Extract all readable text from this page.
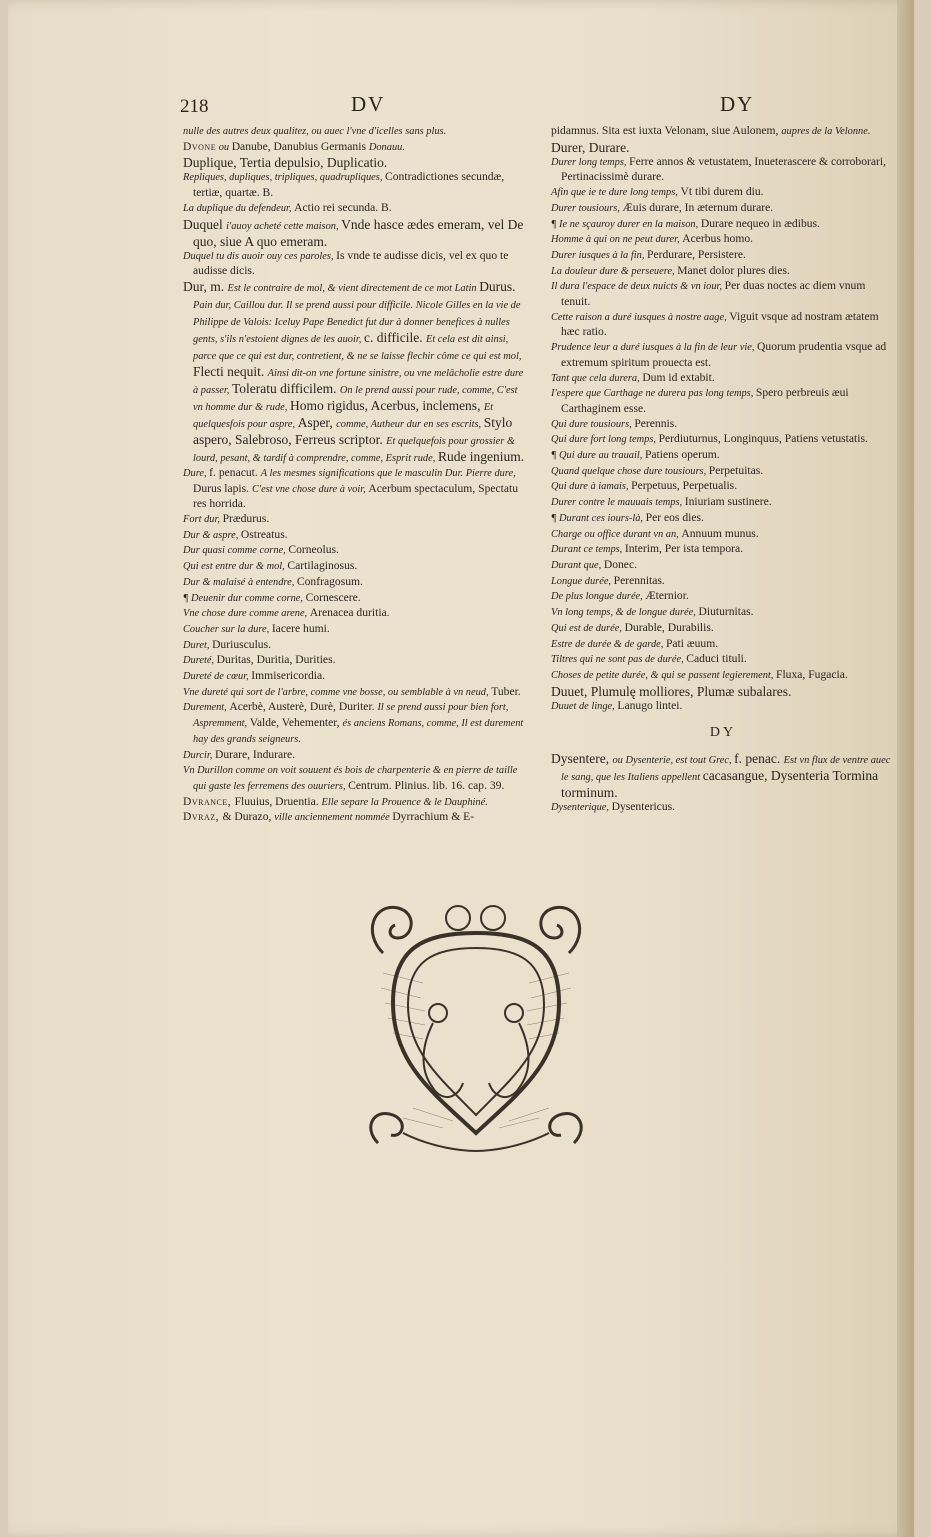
218	DV	DY

nulle des autres deux qualitez, ou auec l'vne d'icelles sans plus.

Dvone ou Danube, Danubius Germanis Donauu.

Duplique, Tertia depulsio, Duplicatio.

Repliques, dupliques, tripliques, quadrupliques, Contradictiones secundæ, tertiæ, quartæ. B.

La duplique du defendeur, Actio rei secunda. B.

Duquel i'auoy acheté cette maison, Vnde hasce ædes emeram, vel De quo, siue A quo emeram.

Duquel tu dis auoir ouy ces paroles, Is vnde te audisse dicis, vel ex quo te audisse dicis.

Dur, m. Est le contraire de mol, & vient directement de ce mot Latin Durus. Pain dur, Caillou dur. Il se prend aussi pour difficile. Nicole Gilles en la vie de Philippe de Valois: Iceluy Pape Benedict fut dur à donner benefices à nulles gents, s'ils n'estoient dignes de les auoir, c. difficile. Et cela est dit ainsi, parce que ce qui est dur, contretient, & ne se laisse flechir côme ce qui est mol, Flecti nequit. Ainsi dit-on vne fortune sinistre, ou vne melâcholie estre dure à passer, Toleratu difficilem. On le prend aussi pour rude, comme, C'est vn homme dur & rude, Homo rigidus, Acerbus, inclemens, Et quelquesfois pour aspre, Asper, comme, Autheur dur en ses escrits, Stylo aspero, Salebroso, Ferreus scriptor. Et quelquefois pour grossier & lourd, pesant, & tardif à comprendre, comme, Esprit rude, Rude ingenium.

Dure, f. penacut. A les mesmes significations que le masculin Dur. Pierre dure, Durus lapis. C'est vne chose dure à voir, Acerbum spectaculum, Spectatu res horrida.

Fort dur, Prædurus.

Dur & aspre, Ostreatus.

Dur quasi comme corne, Corneolus.

Qui est entre dur & mol, Cartilaginosus.

Dur & malaisé à entendre, Confragosum.

¶ Deuenir dur comme corne, Cornescere.

Vne chose dure comme arene, Arenacea duritia.

Coucher sur la dure, Iacere humi.

Duret, Duriusculus.

Dureté, Duritas, Duritia, Durities.

Dureté de cœur, Immisericordia.

Vne dureté qui sort de l'arbre, comme vne bosse, ou semblable à vn neud, Tuber.

Durement, Acerbè, Austerè, Durè, Duriter. Il se prend aussi pour bien fort, Aspremment, Valde, Vehementer, és anciens Romans, comme, Il est durement hay des grands seigneurs.

Durcir, Durare, Indurare.

Vn Durillon comme on voit souuent és bois de charpenterie & en pierre de taille qui gaste les ferremens des ouuriers, Centrum. Plinius. lib. 16. cap. 39.

Dvrance, Fluuius, Druentia. Elle separe la Prouence & le Dauphiné.

Dvraz, & Durazo, ville anciennement nommée Dyrrachium & E-

pidamnus. Sita est iuxta Velonam, siue Aulonem, aupres de la Velonne.

Durer, Durare.

Durer long temps, Ferre annos & vetustatem, Inueterascere & corroborari, Pertinacissimè durare.

Afin que ie te dure long temps, Vt tibi durem diu.

Durer tousiours, Æuis durare, In æternum durare.

¶ Ie ne sçauroy durer en la maison, Durare nequeo in ædibus.

Homme à qui on ne peut durer, Acerbus homo.

Durer iusques à la fin, Perdurare, Persistere.

La douleur dure & perseuere, Manet dolor plures dies.

Il dura l'espace de deux nuicts & vn iour, Per duas noctes ac diem vnum tenuit.

Cette raison a duré iusques à nostre aage, Viguit vsque ad nostram ætatem hæc ratio.

Prudence leur a duré iusques à la fin de leur vie, Quorum prudentia vsque ad extremum spiritum prouecta est.

Tant que cela durera, Dum id extabit.

I'espere que Carthage ne durera pas long temps, Spero perbreuis æui Carthaginem esse.

Qui dure tousiours, Perennis.

Qui dure fort long temps, Perdiuturnus, Longinquus, Patiens vetustatis.

¶ Qui dure au trauail, Patiens operum.

Quand quelque chose dure tousiours, Perpetuitas.

Qui dure à iamais, Perpetuus, Perpetualis.

Durer contre le mauuais temps, Iniuriam sustinere.

¶ Durant ces iours-là, Per eos dies.

Charge ou office durant vn an, Annuum munus.

Durant ce temps, Interim, Per ista tempora.

Durant que, Donec.

Longue durée, Perennitas.

De plus longue durée, Æternior.

Vn long temps, & de longue durée, Diuturnitas.

Qui est de durée, Durable, Durabilis.

Estre de durée & de garde, Pati æuum.

Tiltres qui ne sont pas de durée, Caduci tituli.

Choses de petite durée, & qui se passent legierement, Fluxa, Fugacia.

Duuet, Plumulę molliores, Plumæ subalares.

Duuet de linge, Lanugo lintei.

DY

Dysentere, ou Dysenterie, est tout Grec, f. penac. Est vn flux de ventre auec le sang, que les Italiens appellent cacasangue, Dysenteria Tormina torminum.

Dysenterique, Dysentericus.
